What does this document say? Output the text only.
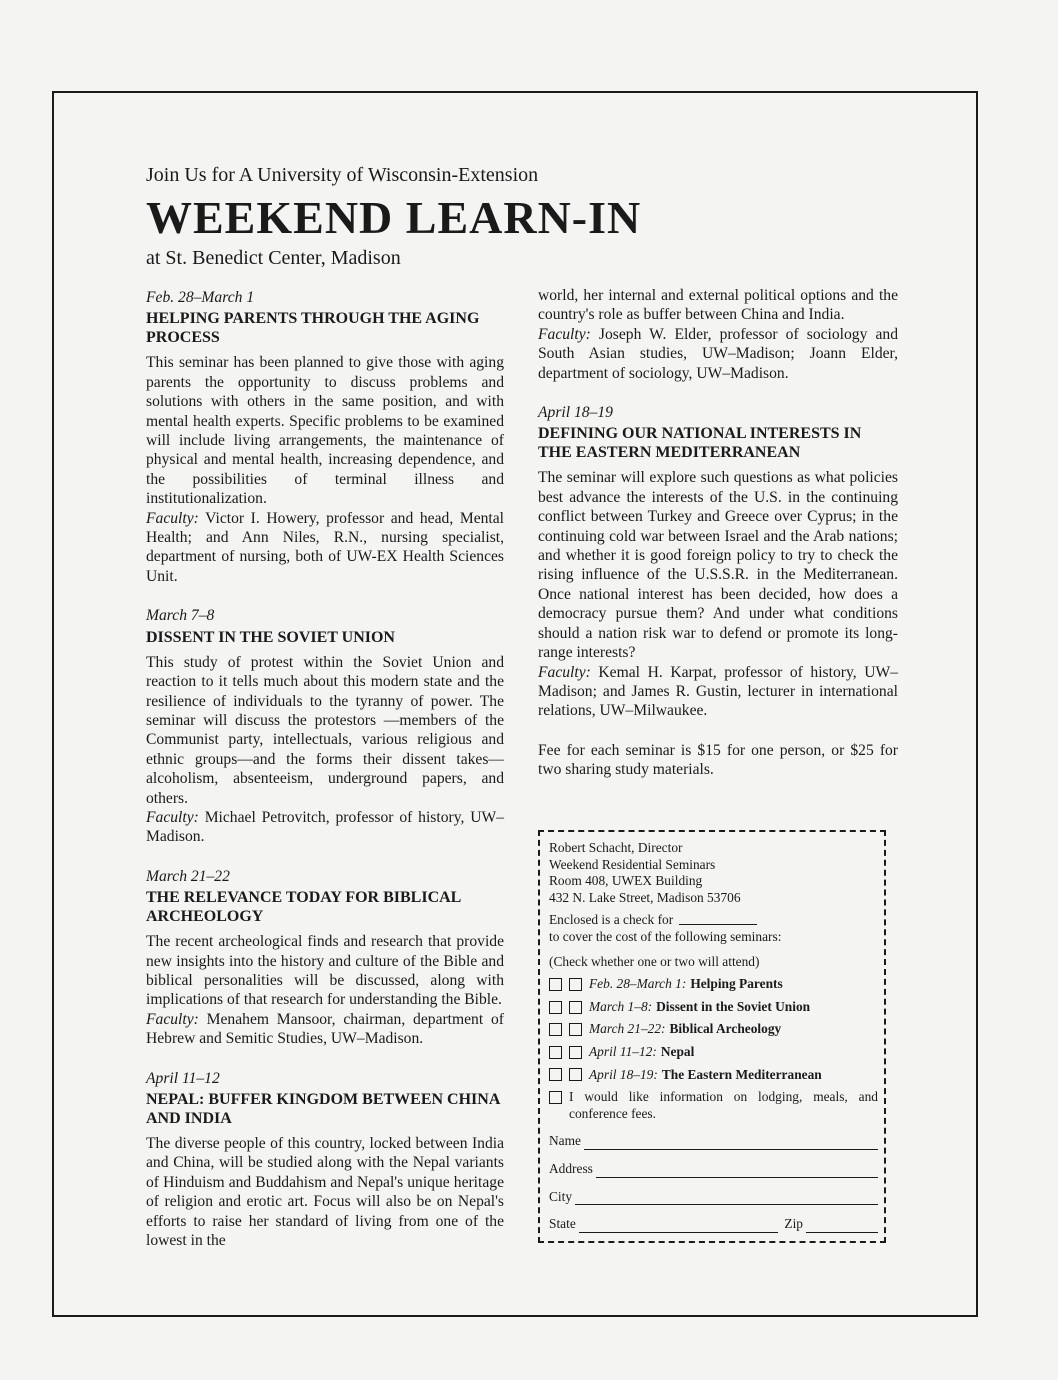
Join Us for A University of Wisconsin-Extension
WEEKEND LEARN-IN

at St. Benedict Center, Madison

Feb. 28–March 1

HELPING PARENTS THROUGH THE AGING PROCESS

This seminar has been planned to give those with aging parents the opportunity to discuss problems and solutions with others in the same position, and with mental health experts. Specific problems to be examined will include living arrangements, the maintenance of physical and mental health, increasing dependence, and the possibilities of terminal illness and institutionalization.

Faculty: Victor I. Howery, professor and head, Mental Health; and Ann Niles, R.N., nursing specialist, department of nursing, both of UW-EX Health Sciences Unit.

March 7–8

DISSENT IN THE SOVIET UNION

This study of protest within the Soviet Union and reaction to it tells much about this modern state and the resilience of individuals to the tyranny of power. The seminar will discuss the protestors —members of the Communist party, intellectuals, various religious and ethnic groups—and the forms their dissent takes—alcoholism, absenteeism, underground papers, and others.

Faculty: Michael Petrovitch, professor of history, UW–Madison.

March 21–22

THE RELEVANCE TODAY FOR BIBLICAL ARCHEOLOGY

The recent archeological finds and research that provide new insights into the history and culture of the Bible and biblical personalities will be discussed, along with implications of that research for understanding the Bible.

Faculty: Menahem Mansoor, chairman, department of Hebrew and Semitic Studies, UW–Madison.

April 11–12

NEPAL: BUFFER KINGDOM BETWEEN CHINA AND INDIA

The diverse people of this country, locked between India and China, will be studied along with the Nepal variants of Hinduism and Buddahism and Nepal's unique heritage of religion and erotic art. Focus will also be on Nepal's efforts to raise her standard of living from one of the lowest in the

world, her internal and external political options and the country's role as buffer between China and India.

Faculty: Joseph W. Elder, professor of sociology and South Asian studies, UW–Madison; Joann Elder, department of sociology, UW–Madison.

April 18–19

DEFINING OUR NATIONAL INTERESTS IN THE EASTERN MEDITERRANEAN

The seminar will explore such questions as what policies best advance the interests of the U.S. in the continuing conflict between Turkey and Greece over Cyprus; in the continuing cold war between Israel and the Arab nations; and whether it is good foreign policy to try to check the rising influence of the U.S.S.R. in the Mediterranean. Once national interest has been decided, how does a democracy pursue them? And under what conditions should a nation risk war to defend or promote its long-range interests?

Faculty: Kemal H. Karpat, professor of history, UW–Madison; and James R. Gustin, lecturer in international relations, UW–Milwaukee.

Fee for each seminar is $15 for one person, or $25 for two sharing study materials.

Robert Schacht, Director

Weekend Residential Seminars

Room 408, UWEX Building

432 N. Lake Street, Madison 53706

Enclosed is a check for
to cover the cost of the following seminars:

(Check whether one or two will attend)

Feb. 28–March 1: Helping Parents
March 1–8: Dissent in the Soviet Union
March 21–22: Biblical Archeology
April 11–12: Nepal
April 18–19: The Eastern Mediterranean
I would like information on lodging, meals, and conference fees.
Name
Address
City
State	Zip
